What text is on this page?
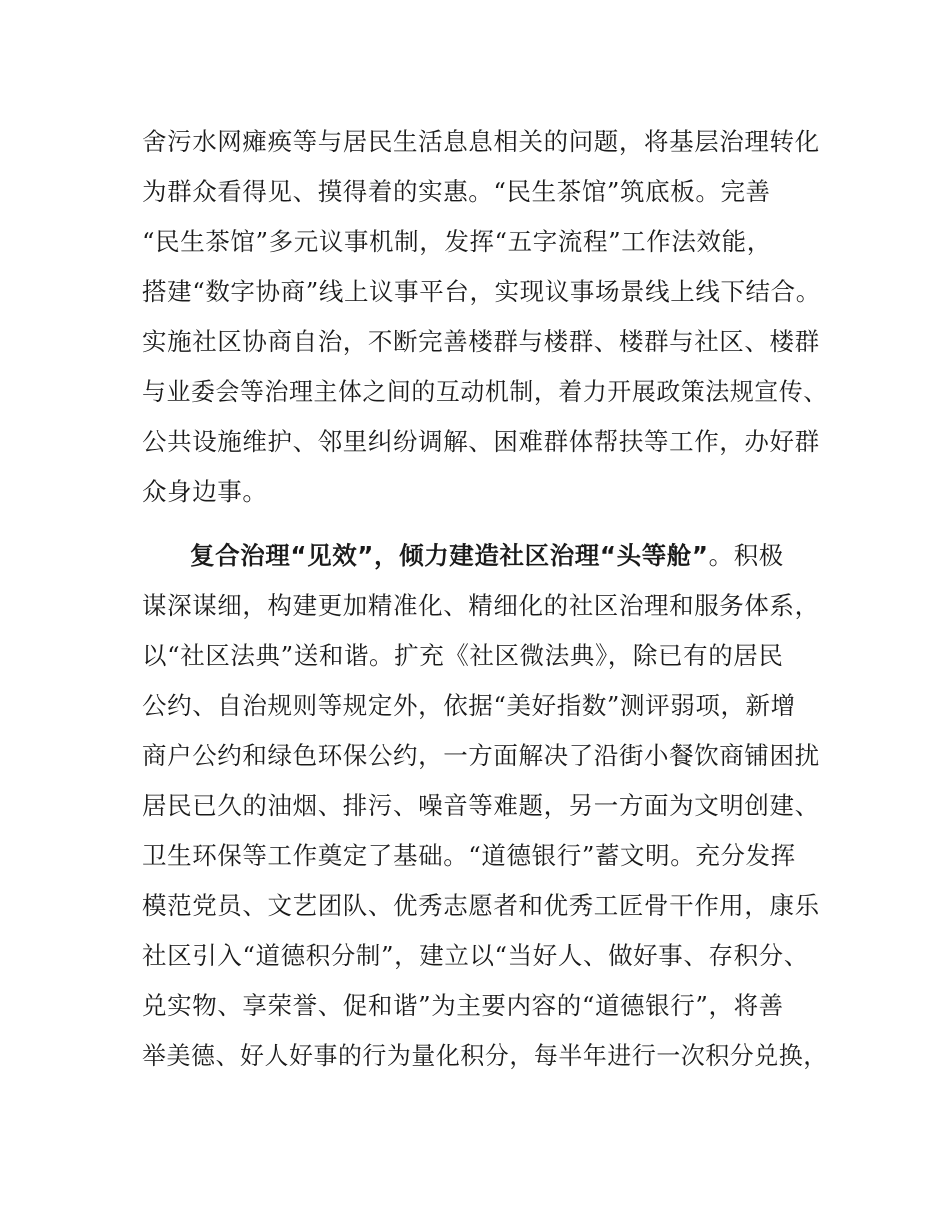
舍污水网瘫痪等与居民生活息息相关的问题，将基层治理转化
为群众看得见、摸得着的实惠。“民生茶馆”筑底板。完善
“民生茶馆”多元议事机制，发挥“五字流程”工作法效能，
搭建“数字协商”线上议事平台，实现议事场景线上线下结合。
实施社区协商自治，不断完善楼群与楼群、楼群与社区、楼群
与业委会等治理主体之间的互动机制，着力开展政策法规宣传、
公共设施维护、邻里纠纷调解、困难群体帮扶等工作，办好群
众身边事。
复合治理“见效”，倾力建造社区治理“头等舱”。积极
谋深谋细，构建更加精准化、精细化的社区治理和服务体系，
以“社区法典”送和谐。扩充《社区微法典》，除已有的居民
公约、自治规则等规定外，依据“美好指数”测评弱项，新增
商户公约和绿色环保公约，一方面解决了沿街小餐饮商铺困扰
居民已久的油烟、排污、噪音等难题，另一方面为文明创建、
卫生环保等工作奠定了基础。“道德银行”蓄文明。充分发挥
模范党员、文艺团队、优秀志愿者和优秀工匠骨干作用，康乐
社区引入“道德积分制”，建立以“当好人、做好事、存积分、
兑实物、享荣誉、促和谐”为主要内容的“道德银行”，将善
举美德、好人好事的行为量化积分，每半年进行一次积分兑换，
